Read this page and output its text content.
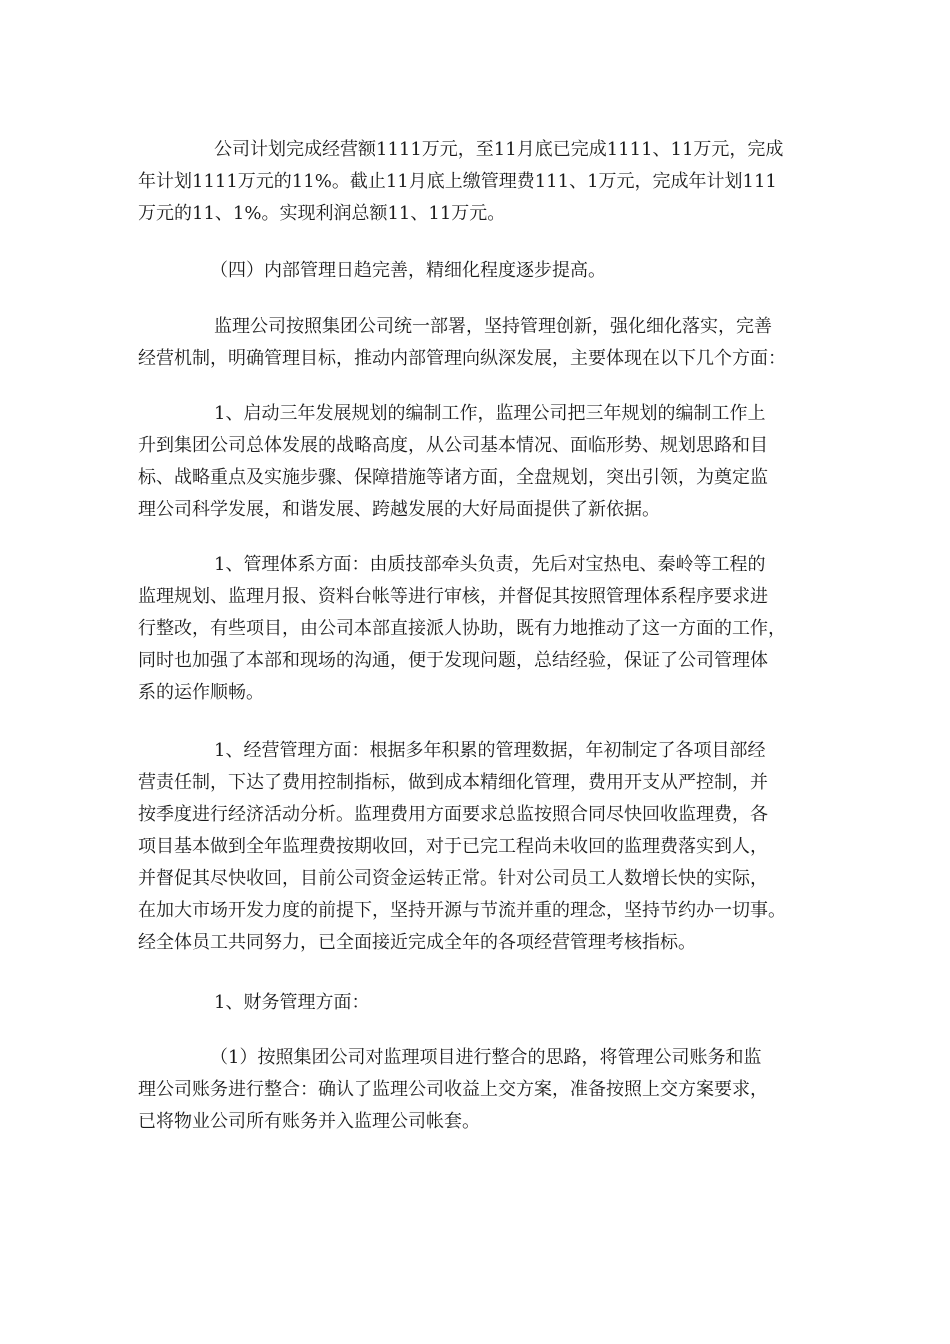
公司计划完成经营额1111万元，至11月底已完成1111、11万元，完成
年计划1111万元的11%。截止11月底上缴管理费111、1万元，完成年计划111
万元的11、1%。实现利润总额11、11万元。
（四）内部管理日趋完善，精细化程度逐步提高。
监理公司按照集团公司统一部署，坚持管理创新，强化细化落实，完善
经营机制，明确管理目标，推动内部管理向纵深发展，主要体现在以下几个方面：
1、启动三年发展规划的编制工作，监理公司把三年规划的编制工作上
升到集团公司总体发展的战略高度，从公司基本情况、面临形势、规划思路和目
标、战略重点及实施步骤、保障措施等诸方面，全盘规划，突出引领，为奠定监
理公司科学发展，和谐发展、跨越发展的大好局面提供了新依据。
1、管理体系方面：由质技部牵头负责，先后对宝热电、秦岭等工程的
监理规划、监理月报、资料台帐等进行审核，并督促其按照管理体系程序要求进
行整改，有些项目，由公司本部直接派人协助，既有力地推动了这一方面的工作，
同时也加强了本部和现场的沟通，便于发现问题，总结经验，保证了公司管理体
系的运作顺畅。
1、经营管理方面：根据多年积累的管理数据，年初制定了各项目部经
营责任制，下达了费用控制指标，做到成本精细化管理，费用开支从严控制，并
按季度进行经济活动分析。监理费用方面要求总监按照合同尽快回收监理费，各
项目基本做到全年监理费按期收回，对于已完工程尚未收回的监理费落实到人，
并督促其尽快收回，目前公司资金运转正常。针对公司员工人数增长快的实际，
在加大市场开发力度的前提下，坚持开源与节流并重的理念，坚持节约办一切事。
经全体员工共同努力，已全面接近完成全年的各项经营管理考核指标。
1、财务管理方面：
（1）按照集团公司对监理项目进行整合的思路，将管理公司账务和监
理公司账务进行整合：确认了监理公司收益上交方案，准备按照上交方案要求，
已将物业公司所有账务并入监理公司帐套。
